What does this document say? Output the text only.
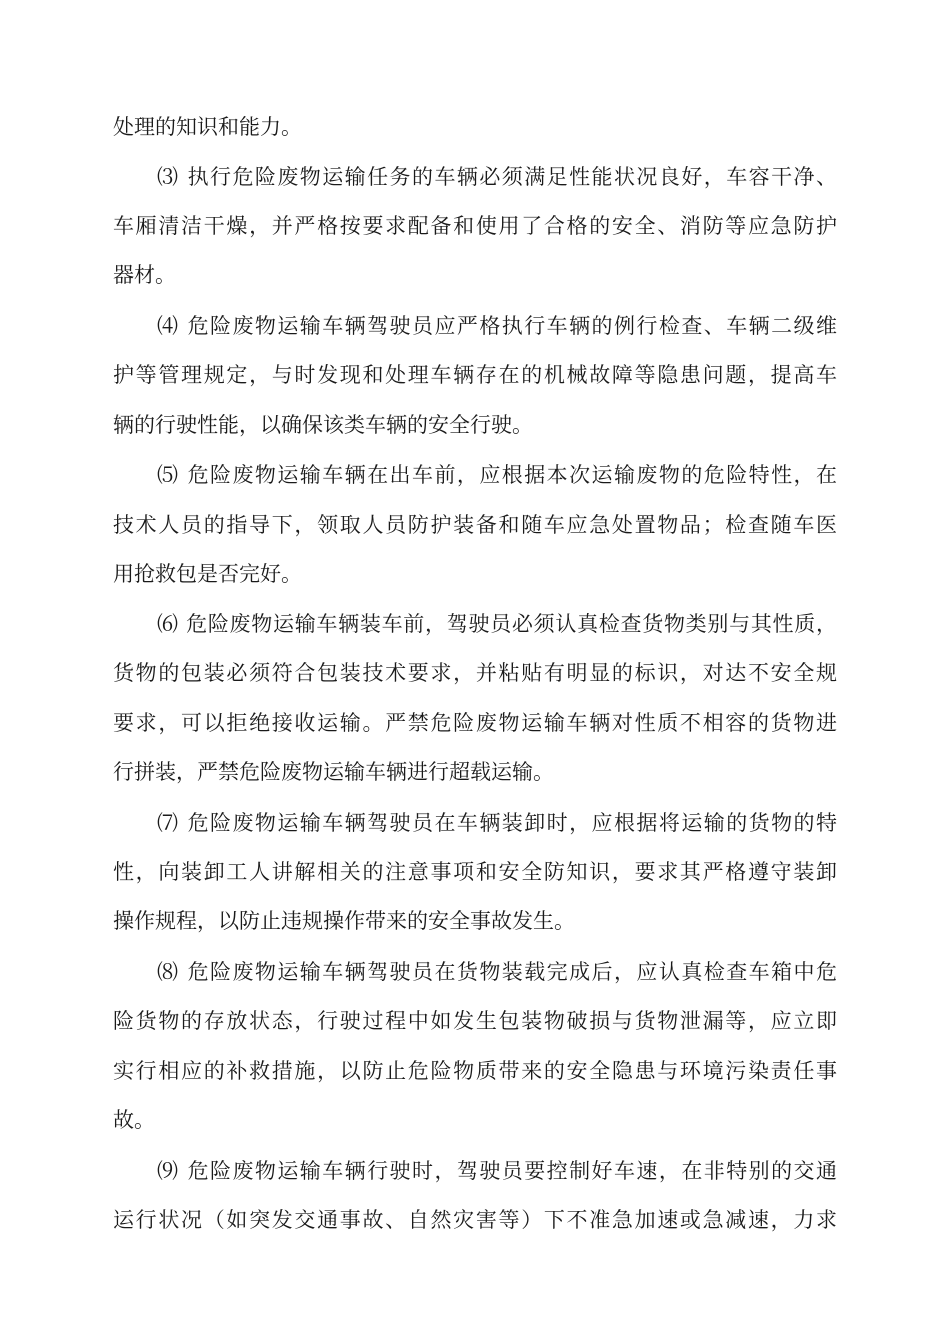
处理的知识和能力。
⑶ 执行危险废物运输任务的车辆必须满足性能状况良好，车容干净、
车厢清洁干燥，并严格按要求配备和使用了合格的安全、消防等应急防护
器材。
⑷ 危险废物运输车辆驾驶员应严格执行车辆的例行检查、车辆二级维
护等管理规定，与时发现和处理车辆存在的机械故障等隐患问题，提高车
辆的行驶性能，以确保该类车辆的安全行驶。
⑸ 危险废物运输车辆在出车前，应根据本次运输废物的危险特性，在
技术人员的指导下，领取人员防护装备和随车应急处置物品；检查随车医
用抢救包是否完好。
⑹ 危险废物运输车辆装车前，驾驶员必须认真检查货物类别与其性质，
货物的包装必须符合包装技术要求，并粘贴有明显的标识，对达不安全规
要求，可以拒绝接收运输。严禁危险废物运输车辆对性质不相容的货物进
行拼装，严禁危险废物运输车辆进行超载运输。
⑺ 危险废物运输车辆驾驶员在车辆装卸时，应根据将运输的货物的特
性，向装卸工人讲解相关的注意事项和安全防知识，要求其严格遵守装卸
操作规程，以防止违规操作带来的安全事故发生。
⑻ 危险废物运输车辆驾驶员在货物装载完成后，应认真检查车箱中危
险货物的存放状态，行驶过程中如发生包装物破损与货物泄漏等，应立即
实行相应的补救措施，以防止危险物质带来的安全隐患与环境污染责任事
故。
⑼ 危险废物运输车辆行驶时，驾驶员要控制好车速，在非特别的交通
运行状况（如突发交通事故、自然灾害等）下不准急加速或急减速，力求
